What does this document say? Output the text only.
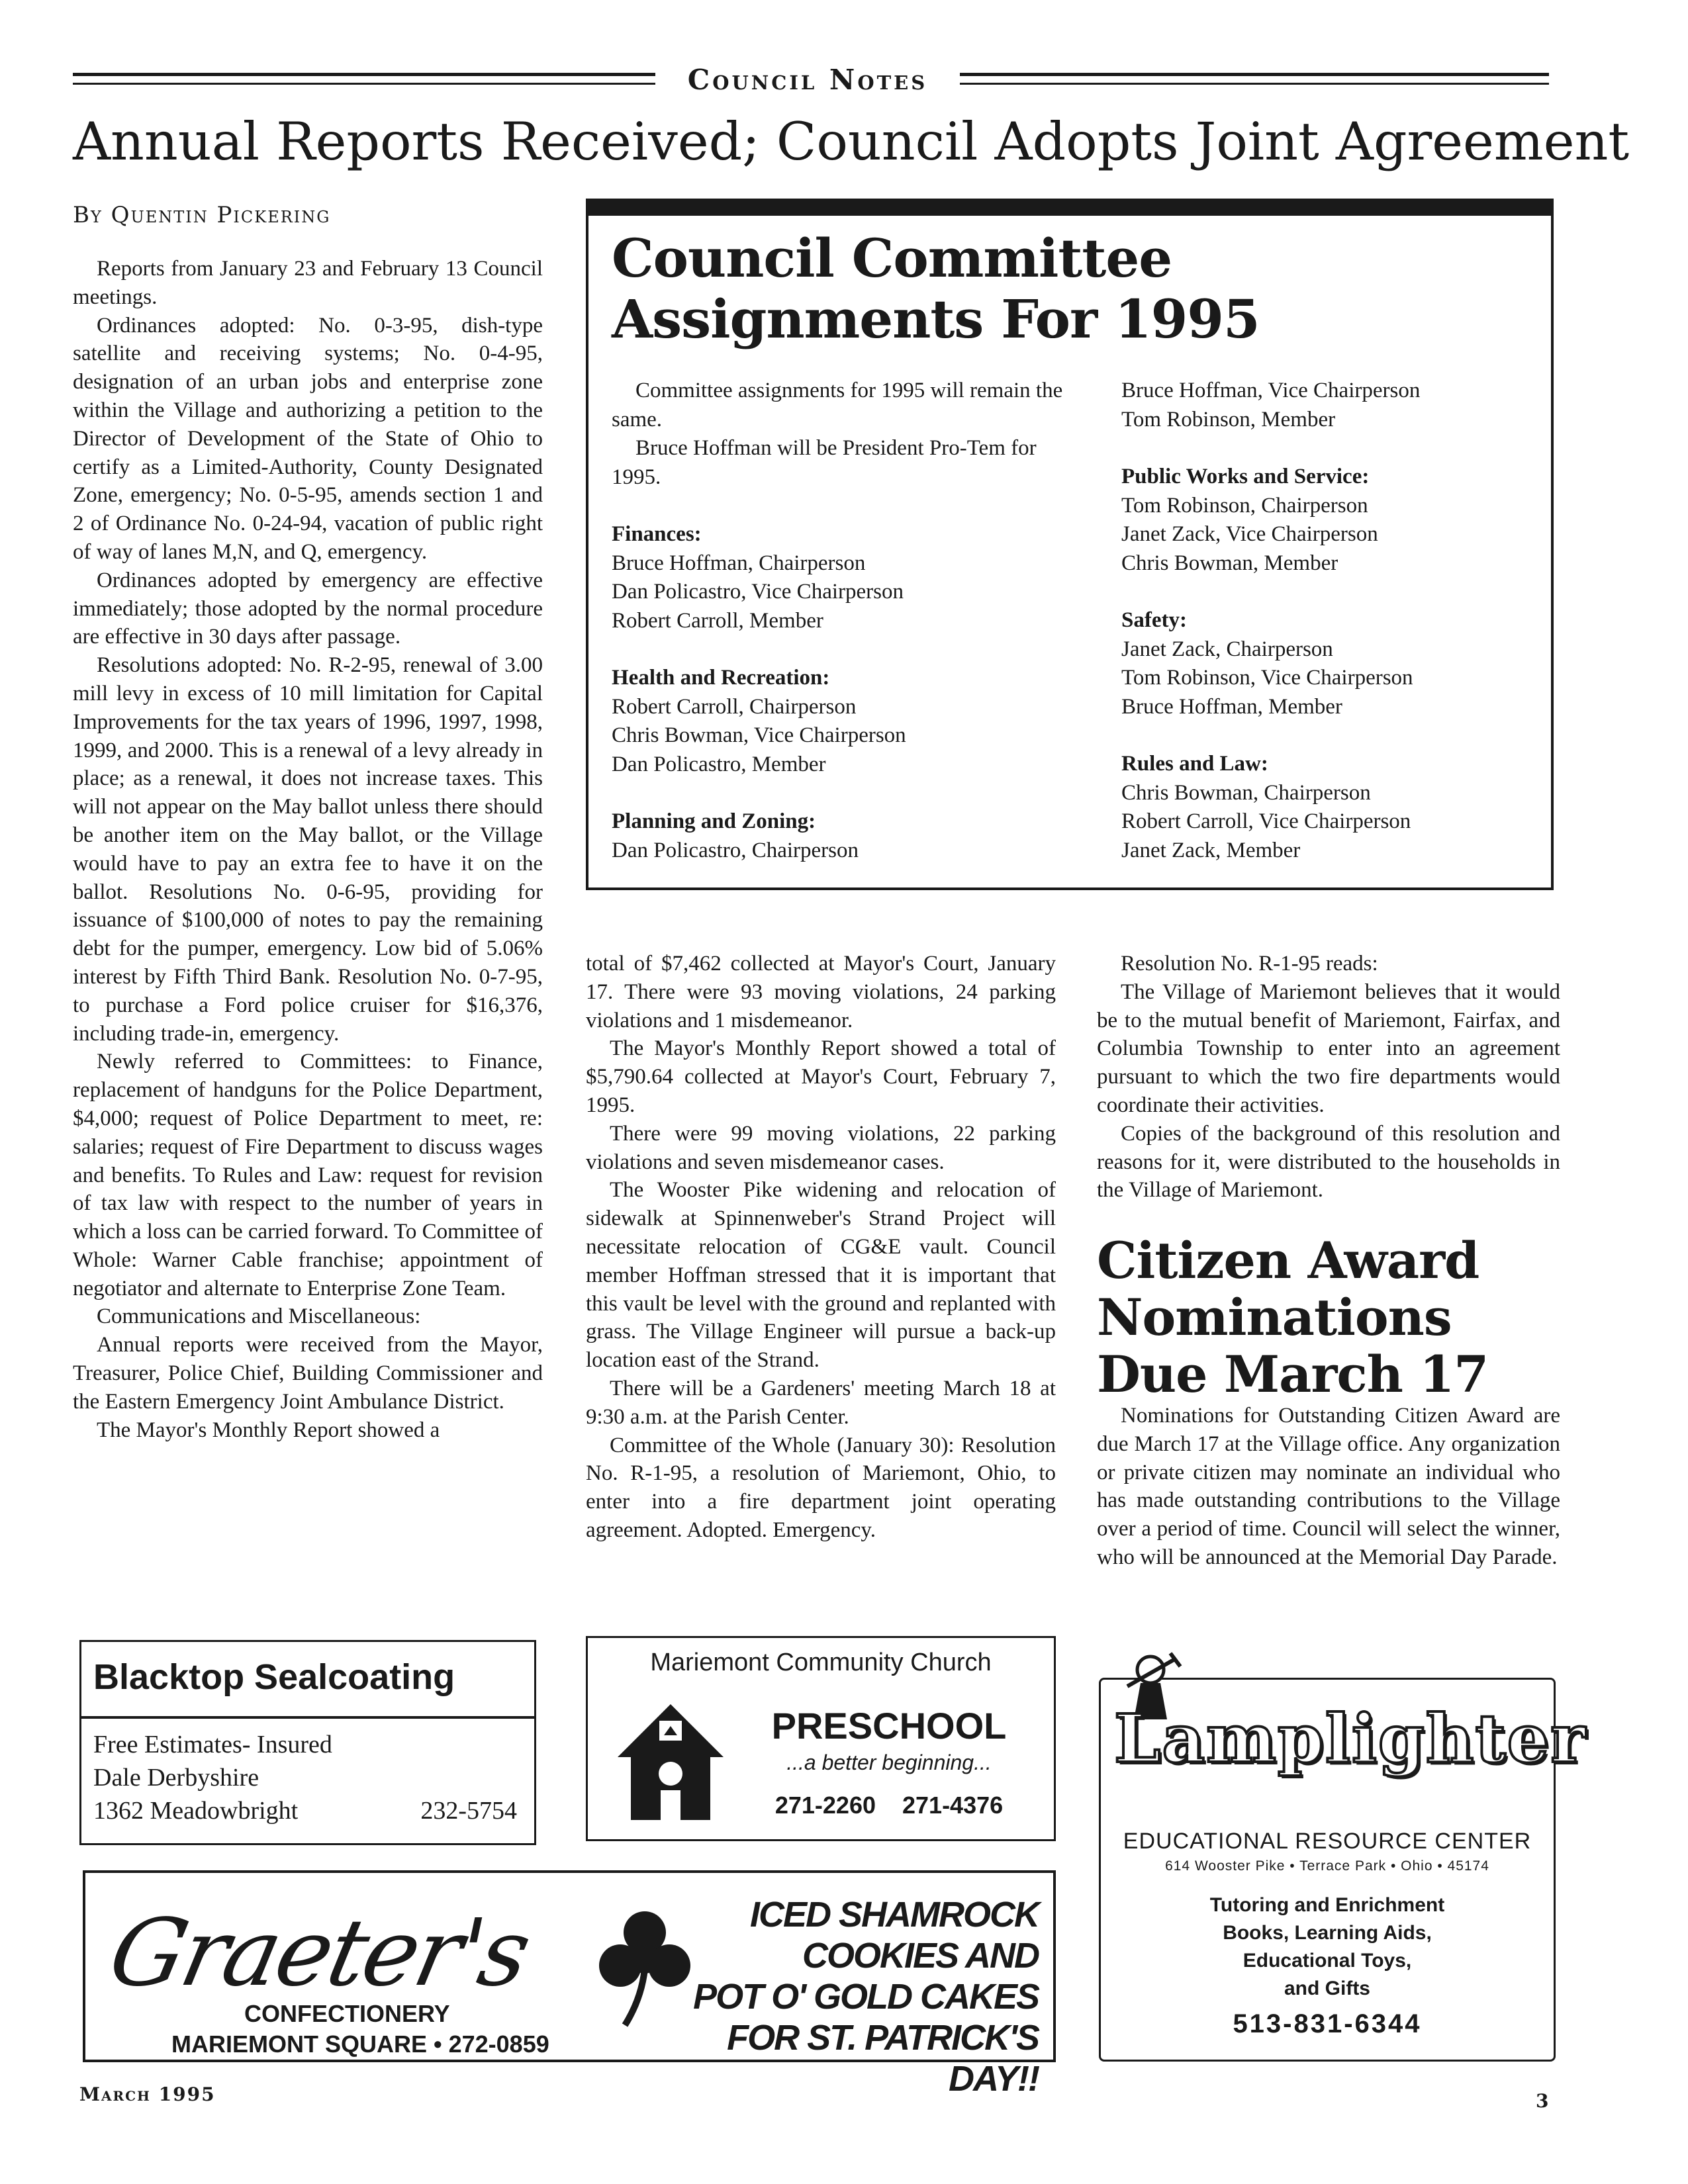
Council Notes
Annual Reports Received; Council Adopts Joint Agreement
By Quentin Pickering

Reports from January 23 and February 13 Council meetings.

Ordinances adopted: No. 0-3-95, dish-type satellite and receiving systems; No. 0-4-95, designation of an urban jobs and enterprise zone within the Village and authorizing a petition to the Director of Development of the State of Ohio to certify as a Limited-Authority, County Designated Zone, emergency; No. 0-5-95, amends section 1 and 2 of Ordinance No. 0-24-94, vacation of public right of way of lanes M,N, and Q, emergency.

Ordinances adopted by emergency are effective immediately; those adopted by the normal procedure are effective in 30 days after passage.

Resolutions adopted: No. R-2-95, renewal of 3.00 mill levy in excess of 10 mill limitation for Capital Improvements for the tax years of 1996, 1997, 1998, 1999, and 2000. This is a renewal of a levy already in place; as a renewal, it does not increase taxes. This will not appear on the May ballot unless there should be another item on the May ballot, or the Village would have to pay an extra fee to have it on the ballot. Resolutions No. 0-6-95, providing for issuance of $100,000 of notes to pay the remaining debt for the pumper, emergency. Low bid of 5.06% interest by Fifth Third Bank. Resolution No. 0-7-95, to purchase a Ford police cruiser for $16,376, including trade-in, emergency.

Newly referred to Committees: to Finance, replacement of handguns for the Police Department, $4,000; request of Police Department to meet, re: salaries; request of Fire Department to discuss wages and benefits. To Rules and Law: request for revision of tax law with respect to the number of years in which a loss can be carried forward. To Committee of Whole: Warner Cable franchise; appointment of negotiator and alternate to Enterprise Zone Team.

Communications and Miscellaneous:

Annual reports were received from the Mayor, Treasurer, Police Chief, Building Commissioner and the Eastern Emergency Joint Ambulance District.

The Mayor's Monthly Report showed a

Council Committee
Assignments For 1995

Committee assignments for 1995 will remain the same.

Bruce Hoffman will be President Pro-Tem for 1995.

Finances:

Bruce Hoffman, Chairperson

Dan Policastro, Vice Chairperson

Robert Carroll, Member

Health and Recreation:

Robert Carroll, Chairperson

Chris Bowman, Vice Chairperson

Dan Policastro, Member

Planning and Zoning:

Dan Policastro, Chairperson

Bruce Hoffman, Vice Chairperson

Tom Robinson, Member

Public Works and Service:

Tom Robinson, Chairperson

Janet Zack, Vice Chairperson

Chris Bowman, Member

Safety:

Janet Zack, Chairperson

Tom Robinson, Vice Chairperson

Bruce Hoffman, Member

Rules and Law:

Chris Bowman, Chairperson

Robert Carroll, Vice Chairperson

Janet Zack, Member

total of $7,462 collected at Mayor's Court, January 17. There were 93 moving violations, 24 parking violations and 1 misdemeanor.

The Mayor's Monthly Report showed a total of $5,790.64 collected at Mayor's Court, February 7, 1995.

There were 99 moving violations, 22 parking violations and seven misdemeanor cases.

The Wooster Pike widening and relocation of sidewalk at Spinnenweber's Strand Project will necessitate relocation of CG&E vault. Council member Hoffman stressed that it is important that this vault be level with the ground and replanted with grass. The Village Engineer will pursue a back-up location east of the Strand.

There will be a Gardeners' meeting March 18 at 9:30 a.m. at the Parish Center.

Committee of the Whole (January 30): Resolution No. R-1-95, a resolution of Mariemont, Ohio, to enter into a fire department joint operating agreement. Adopted. Emergency.

Resolution No. R-1-95 reads:

The Village of Mariemont believes that it would be to the mutual benefit of Mariemont, Fairfax, and Columbia Township to enter into an agreement pursuant to which the two fire departments would coordinate their activities.

Copies of the background of this resolution and reasons for it, were distributed to the households in the Village of Mariemont.

Citizen Award
Nominations
Due March 17

Nominations for Outstanding Citizen Award are due March 17 at the Village office. Any organization or private citizen may nominate an individual who has made outstanding contributions to the Village over a period of time. Council will select the winner, who will be announced at the Memorial Day Parade.

Blacktop Sealcoating
Free Estimates- Insured
Dale Derbyshire
1362 Meadowbright	232-5754
Mariemont Community Church
PRESCHOOL
...a better beginning...
271-2260 271-4376
Graeter's
CONFECTIONERY
MARIEMONT SQUARE • 272-0859
ICED SHAMROCK
COOKIES AND
POT O' GOLD CAKES
FOR ST. PATRICK'S DAY!!
Lamplighter
EDUCATIONAL RESOURCE CENTER
614 Wooster Pike • Terrace Park • Ohio • 45174
Tutoring and Enrichment
Books, Learning Aids,
Educational Toys,
and Gifts
513-831-6344
March 1995	3
